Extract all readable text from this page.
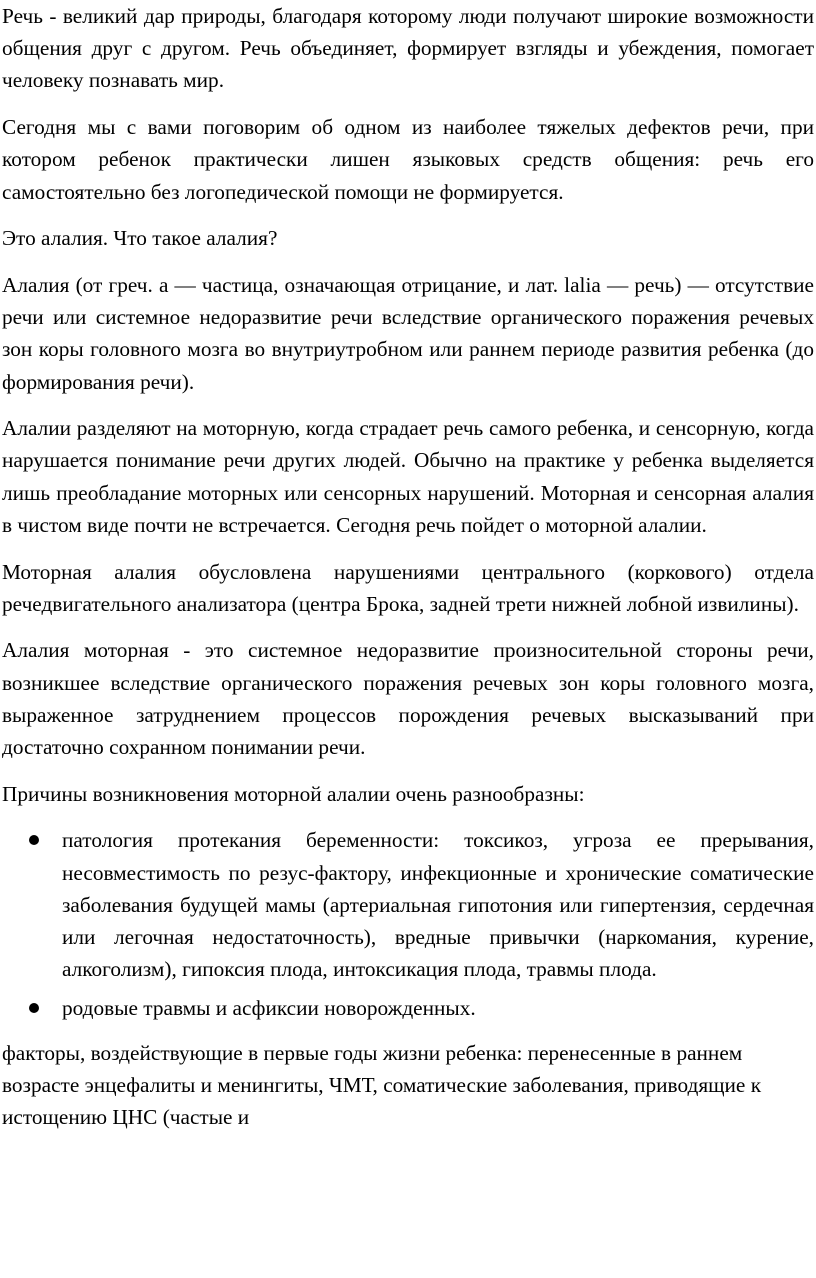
Речь - великий дар природы, благодаря которому люди получают широкие возможности общения друг с другом. Речь объединяет, формирует взгляды и убеждения, помогает человеку познавать мир.

Сегодня мы с вами поговорим об одном из наиболее тяжелых дефектов речи, при котором ребенок практически лишен языковых средств общения: речь его самостоятельно без логопедической помощи не формируется.

Это алалия. Что такое алалия?

Алалия (от греч. а — частица, означающая отрицание, и лат. lalia — речь) — отсутствие речи или системное недоразвитие речи вследствие органического поражения речевых зон коры головного мозга во внутриутробном или раннем периоде развития ребенка (до формирования речи).

Алалии разделяют на моторную, когда страдает речь самого ребенка, и сенсорную, когда нарушается понимание речи других людей. Обычно на практике у ребенка выделяется лишь преобладание моторных или сенсорных нарушений. Моторная и сенсорная алалия в чистом виде почти не встречается. Сегодня речь пойдет о моторной алалии.

Моторная алалия обусловлена нарушениями центрального (коркового) отдела речедвигательного анализатора (центра Брока, задней трети нижней лобной извилины).

Алалия моторная - это системное недоразвитие произносительной стороны речи, возникшее вследствие органического поражения речевых зон коры головного мозга, выраженное затруднением процессов порождения речевых высказываний при достаточно сохранном понимании речи.

Причины возникновения моторной алалии очень разнообразны:

патология протекания беременности: токсикоз, угроза ее прерывания, несовместимость по резус-фактору, инфекционные и хронические соматические заболевания будущей мамы (артериальная гипотония или гипертензия, сердечная или легочная недостаточность), вредные привычки (наркомания, курение, алкоголизм), гипоксия плода, интоксикация плода, травмы плода.
родовые травмы и асфиксии новорожденных.

факторы, воздействующие в первые годы жизни ребенка: перенесенные в раннем возрасте энцефалиты и менингиты, ЧМТ, соматические заболевания, приводящие к истощению ЦНС (частые и
